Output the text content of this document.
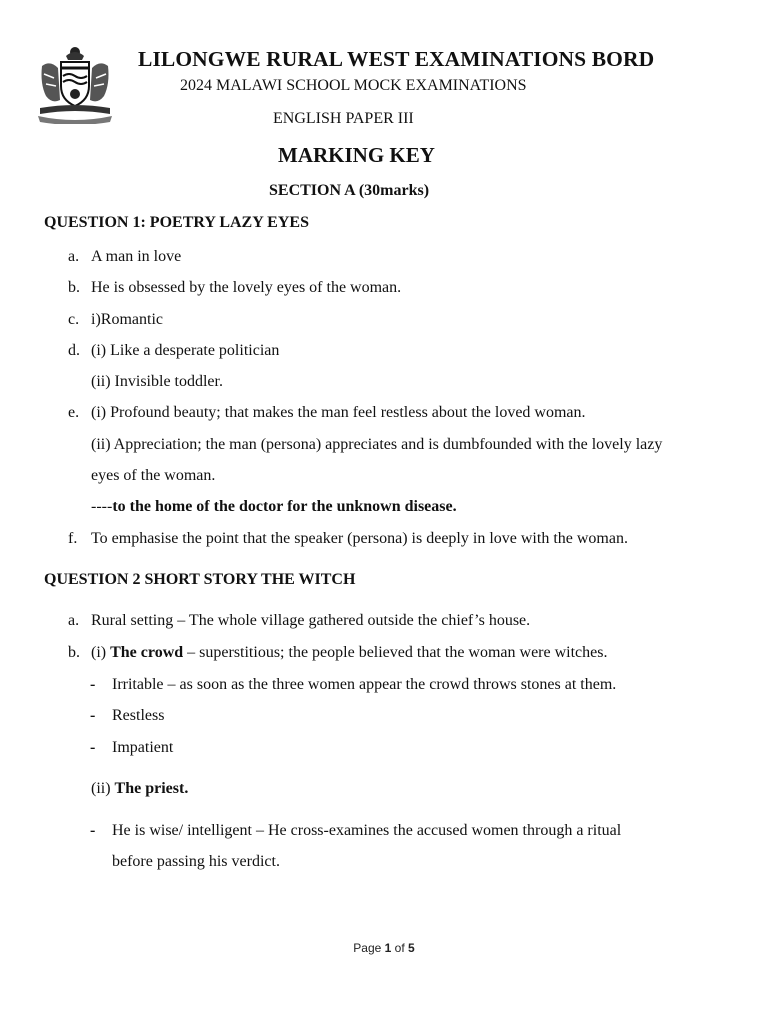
LILONGWE RURAL WEST EXAMINATIONS BORD
2024 MALAWI SCHOOL MOCK EXAMINATIONS
ENGLISH PAPER III
MARKING KEY
SECTION A (30marks)
QUESTION 1: POETRY LAZY EYES
a. A man in love
b. He is obsessed by the lovely eyes of the woman.
c. i)Romantic
d. (i) Like a desperate politician
(ii) Invisible toddler.
e. (i) Profound beauty; that makes the man feel restless about the loved woman.
(ii) Appreciation; the man (persona) appreciates and is dumbfounded with the lovely lazy
eyes of the woman.
----to the home of the doctor for the unknown disease.
f. To emphasise the point that the speaker (persona) is deeply in love with the woman.
QUESTION 2 SHORT STORY THE WITCH
a. Rural setting – The whole village gathered outside the chief’s house.
b. (i) The crowd – superstitious; the people believed that the woman were witches.
- Irritable – as soon as the three women appear the crowd throws stones at them.
- Restless
- Impatient
(ii) The priest.
- He is wise/ intelligent – He cross-examines the accused women through a ritual
before passing his verdict.
Page 1 of 5
